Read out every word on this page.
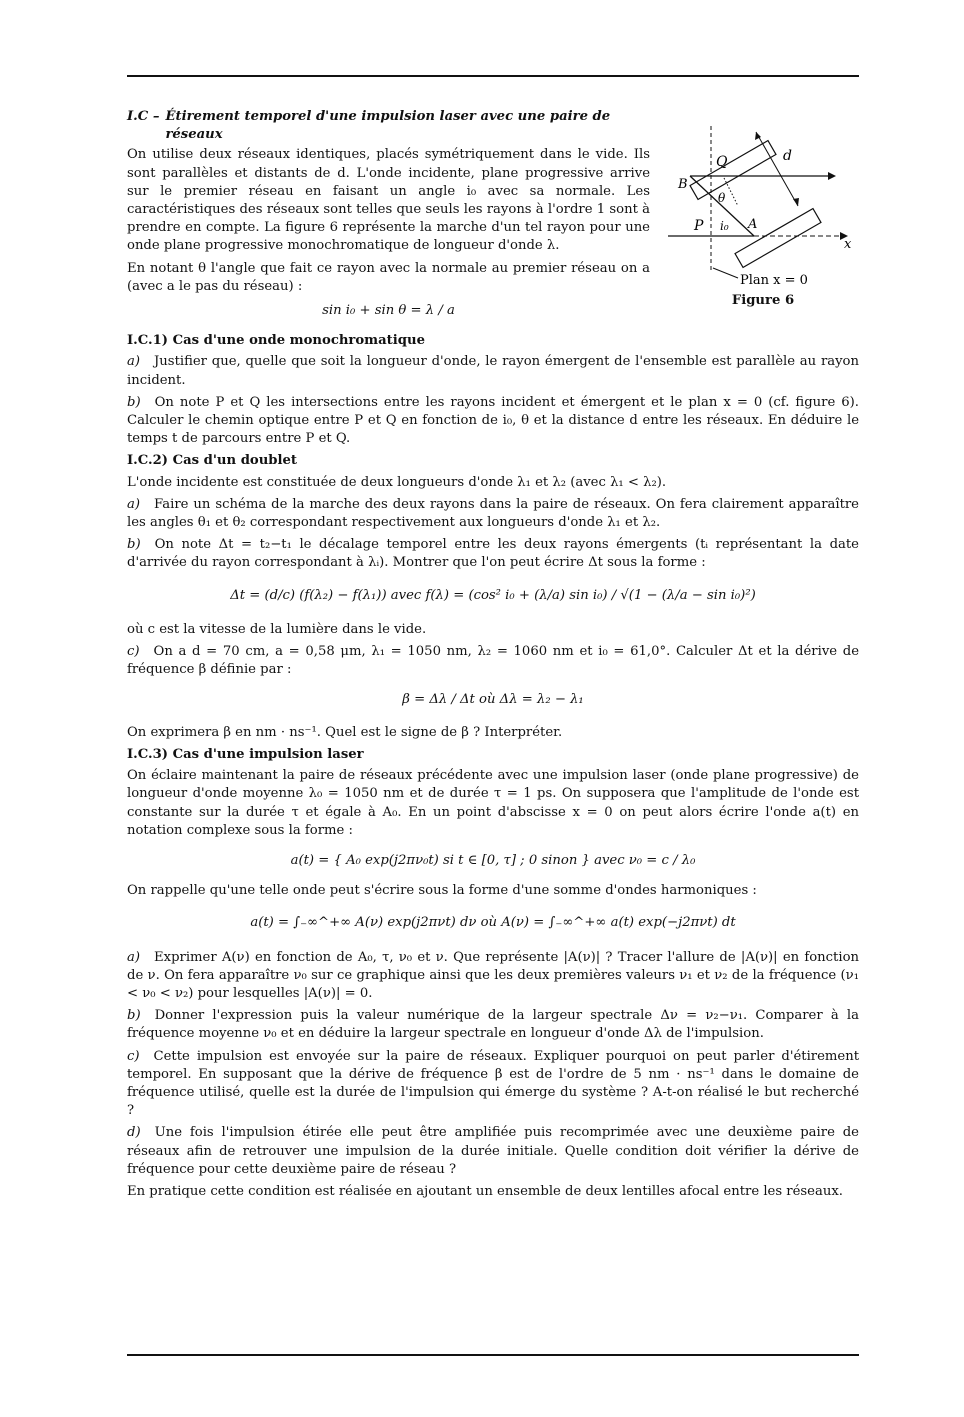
I.C – Étirement temporel d'une impulsion laser avec une paire de réseaux

On utilise deux réseaux identiques, placés symétriquement dans le vide. Ils sont parallèles et distants de d. L'onde incidente, plane progressive arrive sur le premier réseau en faisant un angle i₀ avec sa normale. Les caractéristiques des réseaux sont telles que seuls les rayons à l'ordre 1 sont à prendre en compte. La figure 6 représente la marche d'un tel rayon pour une onde plane progressive monochromatique de longueur d'onde λ.

En notant θ l'angle que fait ce rayon avec la normale au premier réseau on a (avec a le pas du réseau) :

sin i₀ + sin θ = λ / a
Q	d
B
θ
P i₀ A
x
Plan x = 0
Figure 6
I.C.1) Cas d'une onde monochromatique

a) Justifier que, quelle que soit la longueur d'onde, le rayon émergent de l'ensemble est parallèle au rayon incident.

b) On note P et Q les intersections entre les rayons incident et émergent et le plan x = 0 (cf. figure 6). Calculer le chemin optique entre P et Q en fonction de i₀, θ et la distance d entre les réseaux. En déduire le temps t de parcours entre P et Q.

I.C.2) Cas d'un doublet

L'onde incidente est constituée de deux longueurs d'onde λ₁ et λ₂ (avec λ₁ < λ₂).

a) Faire un schéma de la marche des deux rayons dans la paire de réseaux. On fera clairement apparaître les angles θ₁ et θ₂ correspondant respectivement aux longueurs d'onde λ₁ et λ₂.

b) On note Δt = t₂−t₁ le décalage temporel entre les deux rayons émergents (tᵢ représentant la date d'arrivée du rayon correspondant à λᵢ). Montrer que l'on peut écrire Δt sous la forme :

Δt = (d/c) (f(λ₂) − f(λ₁)) avec f(λ) = (cos² i₀ + (λ/a) sin i₀) / √(1 − (λ/a − sin i₀)²)

où c est la vitesse de la lumière dans le vide.

c) On a d = 70 cm, a = 0,58 μm, λ₁ = 1050 nm, λ₂ = 1060 nm et i₀ = 61,0°. Calculer Δt et la dérive de fréquence β définie par :

β = Δλ / Δt où Δλ = λ₂ − λ₁

On exprimera β en nm · ns⁻¹. Quel est le signe de β ? Interpréter.

I.C.3) Cas d'une impulsion laser

On éclaire maintenant la paire de réseaux précédente avec une impulsion laser (onde plane progressive) de longueur d'onde moyenne λ₀ = 1050 nm et de durée τ = 1 ps. On supposera que l'amplitude de l'onde est constante sur la durée τ et égale à A₀. En un point d'abscisse x = 0 on peut alors écrire l'onde a(t) en notation complexe sous la forme :

a(t) = { A₀ exp(j2πν₀t) si t ∈ [0, τ] ; 0 sinon } avec ν₀ = c / λ₀

On rappelle qu'une telle onde peut s'écrire sous la forme d'une somme d'ondes harmoniques :

a(t) = ∫₋∞^+∞ A(ν) exp(j2πνt) dν où A(ν) = ∫₋∞^+∞ a(t) exp(−j2πνt) dt

a) Exprimer A(ν) en fonction de A₀, τ, ν₀ et ν. Que représente |A(ν)| ? Tracer l'allure de |A(ν)| en fonction de ν. On fera apparaître ν₀ sur ce graphique ainsi que les deux premières valeurs ν₁ et ν₂ de la fréquence (ν₁ < ν₀ < ν₂) pour lesquelles |A(ν)| = 0.

b) Donner l'expression puis la valeur numérique de la largeur spectrale Δν = ν₂−ν₁. Comparer à la fréquence moyenne ν₀ et en déduire la largeur spectrale en longueur d'onde Δλ de l'impulsion.

c) Cette impulsion est envoyée sur la paire de réseaux. Expliquer pourquoi on peut parler d'étirement temporel. En supposant que la dérive de fréquence β est de l'ordre de 5 nm · ns⁻¹ dans le domaine de fréquence utilisé, quelle est la durée de l'impulsion qui émerge du système ? A-t-on réalisé le but recherché ?

d) Une fois l'impulsion étirée elle peut être amplifiée puis recomprimée avec une deuxième paire de réseaux afin de retrouver une impulsion de la durée initiale. Quelle condition doit vérifier la dérive de fréquence pour cette deuxième paire de réseau ?

En pratique cette condition est réalisée en ajoutant un ensemble de deux lentilles afocal entre les réseaux.
